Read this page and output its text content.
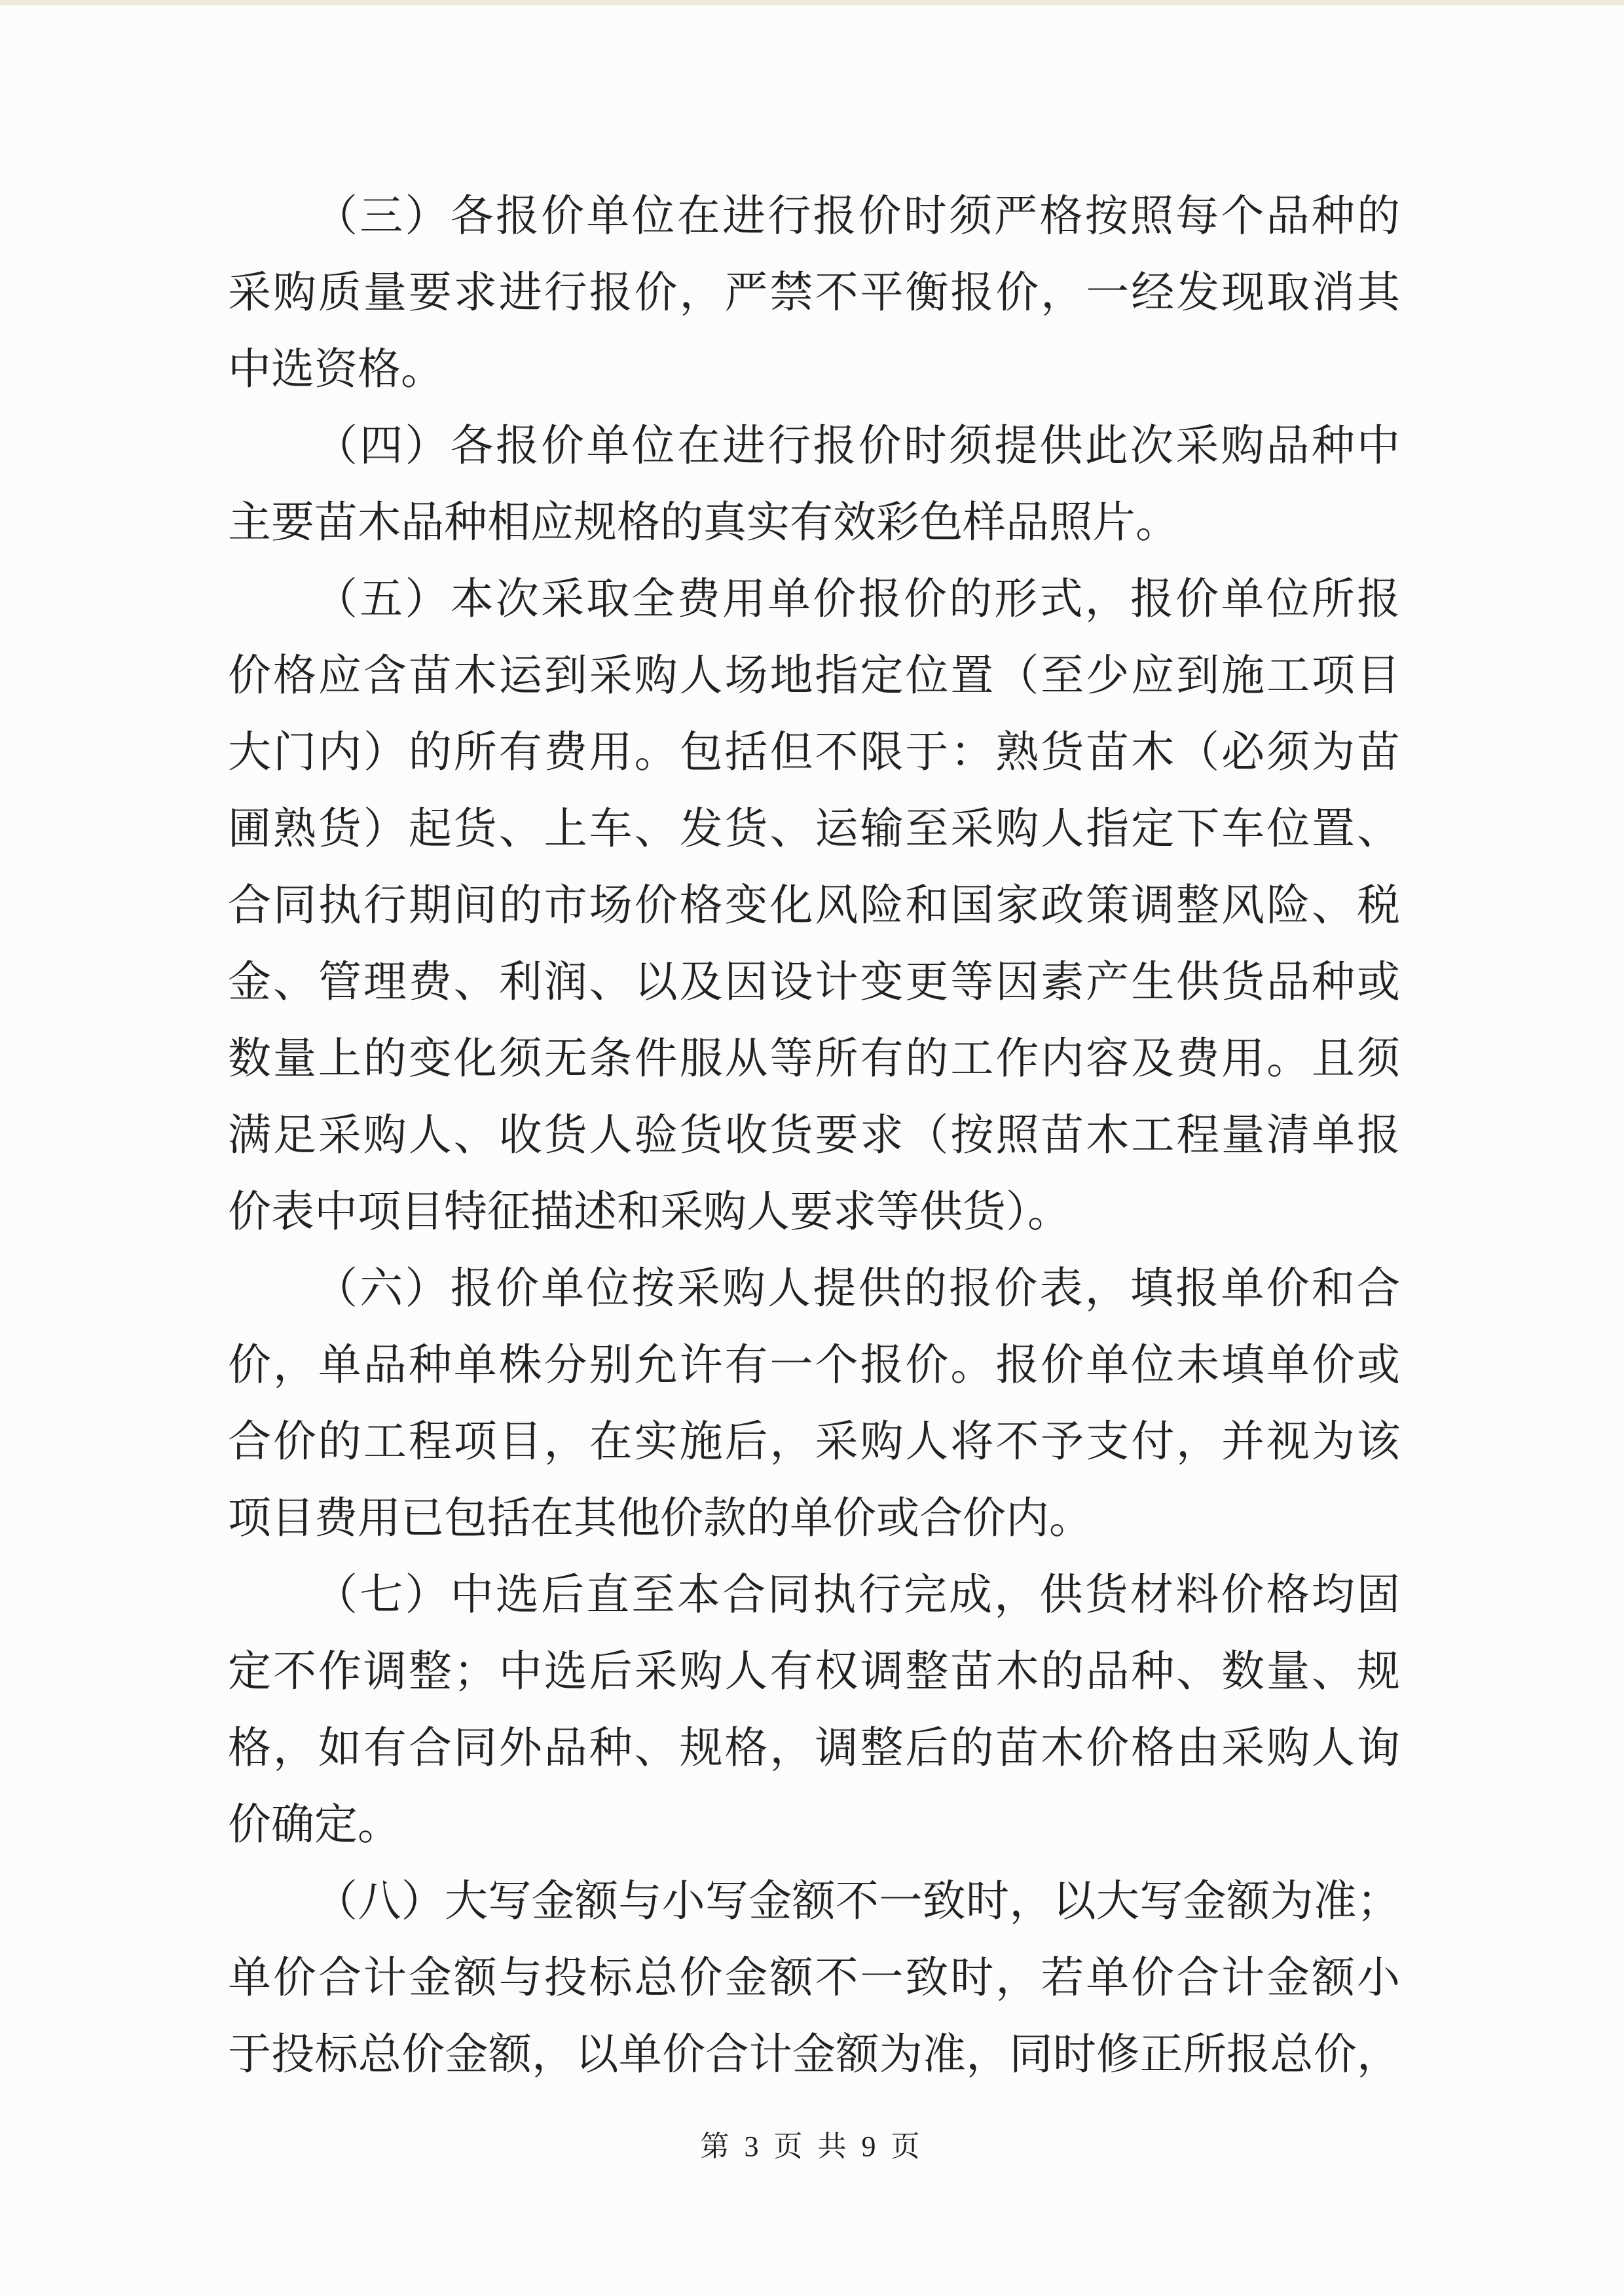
（三）各报价单位在进行报价时须严格按照每个品种的
采购质量要求进行报价，严禁不平衡报价，一经发现取消其
中选资格。
（四）各报价单位在进行报价时须提供此次采购品种中
主要苗木品种相应规格的真实有效彩色样品照片。
（五）本次采取全费用单价报价的形式，报价单位所报
价格应含苗木运到采购人场地指定位置（至少应到施工项目
大门内）的所有费用。包括但不限于：熟货苗木（必须为苗
圃熟货）起货、上车、发货、运输至采购人指定下车位置、
合同执行期间的市场价格变化风险和国家政策调整风险、税
金、管理费、利润、以及因设计变更等因素产生供货品种或
数量上的变化须无条件服从等所有的工作内容及费用。且须
满足采购人、收货人验货收货要求（按照苗木工程量清单报
价表中项目特征描述和采购人要求等供货）。
（六）报价单位按采购人提供的报价表，填报单价和合
价，单品种单株分别允许有一个报价。报价单位未填单价或
合价的工程项目，在实施后，采购人将不予支付，并视为该
项目费用已包括在其他价款的单价或合价内。
（七）中选后直至本合同执行完成，供货材料价格均固
定不作调整；中选后采购人有权调整苗木的品种、数量、规
格，如有合同外品种、规格，调整后的苗木价格由采购人询
价确定。
（八）大写金额与小写金额不一致时，以大写金额为准；
单价合计金额与投标总价金额不一致时，若单价合计金额小
于投标总价金额，以单价合计金额为准，同时修正所报总价，
第 3 页 共 9 页
